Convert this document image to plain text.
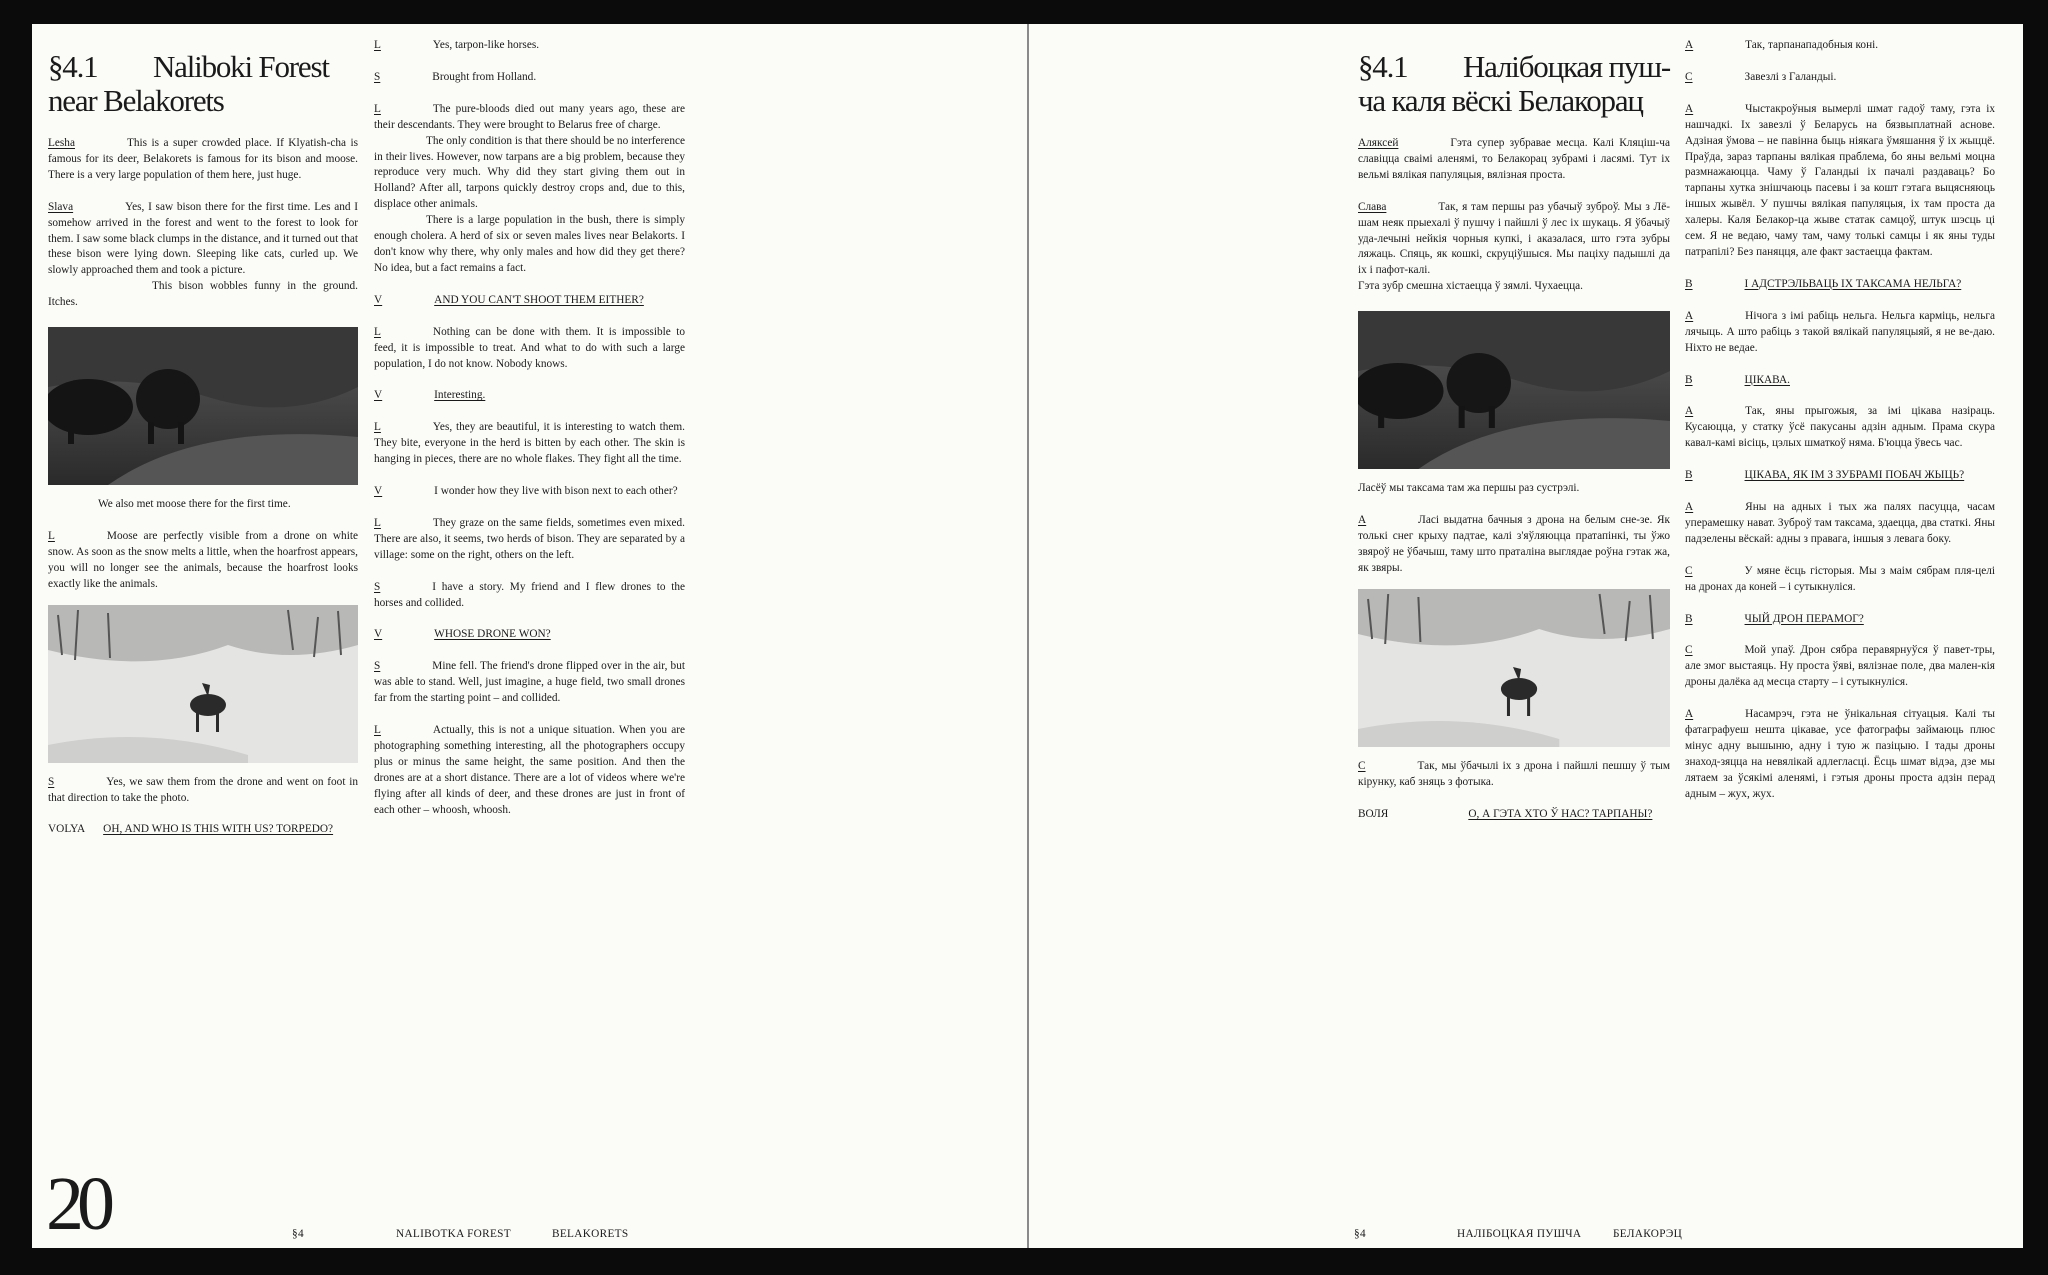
§4.1 Naliboki Forest near Belakorets
Lesha	This is a super crowded place. If Klyatish-cha is famous for its deer, Belakorets is famous for its bison and moose. There is a very large population of them here, just huge.
Slava	Yes, I saw bison there for the first time. Les and I somehow arrived in the forest and went to the forest to look for them. I saw some black clumps in the distance, and it turned out that these bison were lying down. Sleeping like cats, curled up. We slowly approached them and took a picture.
This bison wobbles funny in the ground. Itches.
We also met moose there for the first time.
L	Moose are perfectly visible from a drone on white snow. As soon as the snow melts a little, when the hoarfrost appears, you will no longer see the animals, because the hoarfrost looks exactly like the animals.
S	Yes, we saw them from the drone and went on foot in that direction to take the photo.
VOLYA OH, AND WHO IS THIS WITH US? TORPEDO?
L	Yes, tarpon-like horses.
S	Brought from Holland.
L	The pure-bloods died out many years ago, these are their descendants. They were brought to Belarus free of charge.
The only condition is that there should be no interference in their lives. However, now tarpans are a big problem, because they reproduce very much. Why did they start giving them out in Holland? After all, tarpons quickly destroy crops and, due to this, displace other animals.
There is a large population in the bush, there is simply enough cholera. A herd of six or seven males lives near Belakorts. I don't know why there, why only males and how did they get there? No idea, but a fact remains a fact.
V	AND YOU CAN'T SHOOT THEM EITHER?
L	Nothing can be done with them. It is impossible to feed, it is impossible to treat. And what to do with such a large population, I do not know. Nobody knows.
V	Interesting.
L	Yes, they are beautiful, it is interesting to watch them. They bite, everyone in the herd is bitten by each other. The skin is hanging in pieces, there are no whole flakes. They fight all the time.
V	I wonder how they live with bison next to each other?
L	They graze on the same fields, sometimes even mixed. There are also, it seems, two herds of bison. They are separated by a village: some on the right, others on the left.
S	I have a story. My friend and I flew drones to the horses and collided.
V	WHOSE DRONE WON?
S	Mine fell. The friend's drone flipped over in the air, but was able to stand. Well, just imagine, a huge field, two small drones far from the starting point – and collided.
L	Actually, this is not a unique situation. When you are photographing something interesting, all the photographers occupy plus or minus the same height, the same position. And then the drones are at a short distance. There are a lot of videos where we're flying after all kinds of deer, and these drones are just in front of each other – whoosh, whoosh.
20	§4	NALIBOTKA FOREST	BELAKORETS
§4.1 Налібоцкая пуш-ча каля вёскі Белакорац
Аляксей	Гэта супер зубравае месца. Калі Кляціш-ча славіцца сваімі аленямі, то Белакорац зубрамі і ласямі. Тут іх вельмі вялікая папуляцыя, вялізная проста.
Слава	Так, я там першы раз убачыў зуброў. Мы з Лё-шам неяк прыехалі ў пушчу і пайшлі ў лес іх шукаць. Я ўбачыў уда-лечыні нейкія чорныя купкі, і аказалася, што гэта зубры ляжаць. Спяць, як кошкі, скруціўшыся. Мы паціху падышлі да іх і пафот-калі.
Гэта зубр смешна хістаецца ў зямлі. Чухаецца.
Ласёў мы таксама там жа першы раз сустрэлі.
А	Ласі выдатна бачныя з дрона на белым сне-зе. Як толькі снег крыху падтае, калі з'яўляюцца пратапінкі, ты ўжо звяроў не ўбачыш, таму што праталіна выглядае роўна гэтак жа, як звяры.
С	Так, мы ўбачылі іх з дрона і пайшлі пешшу ў тым кірунку, каб зняць з фотыка.
ВОЛЯ	О, А ГЭТА ХТО Ў НАС? ТАРПАНЫ?
А	Так, тарпанападобныя коні.
С	Завезлі з Галандыі.
А	Чыстакроўныя вымерлі шмат гадоў таму, гэта іх нашчадкі. Іх завезлі ў Беларусь на бязвыплатнай аснове. Адзіная ўмова – не павінна быць ніякага ўмяшання ў іх жыццё. Праўда, зараз тарпаны вялікая праблема, бо яны вельмі моцна размнажаюцца. Чаму ў Галандыі іх пачалі раздаваць? Бо тарпаны хутка знішчаюць пасевы і за кошт гэтага выцясняюць іншых жывёл. У пушчы вялікая папуляцыя, іх там проста да халеры. Каля Белакор-ца жыве статак самцоў, штук шэсць ці сем. Я не ведаю, чаму там, чаму толькі самцы і як яны туды патрапілі? Без паняцця, але факт застаецца фактам.
В	І АДСТРЭЛЬВАЦЬ ІХ ТАКСАМА НЕЛЬГА?
А	Нічога з імі рабіць нельга. Нельга карміць, нельга лячыць. А што рабіць з такой вялікай папуляцыяй, я не ве-даю. Ніхто не ведае.
В	ЦІКАВА.
А	Так, яны прыгожыя, за імі цікава назіраць. Кусаюцца, у статку ўсё пакусаны адзін адным. Прама скура кавал-камі вісіць, цэлых шматкоў няма. Б'юцца ўвесь час.
В	ЦІКАВА, ЯК ІМ З ЗУБРАМІ ПОБАЧ ЖЫЦЬ?
А	Яны на адных і тых жа палях пасуцца, часам уперамешку нават. Зуброў там таксама, здаецца, два статкі. Яны падзелены вёскай: адны з правага, іншыя з левага боку.
С	У мяне ёсць гісторыя. Мы з маім сябрам пля-целі на дронах да коней – і сутыкнуліся.
В	ЧЫЙ ДРОН ПЕРАМОГ?
С	Мой упаў. Дрон сябра перавярнуўся ў павет-тры, але змог выстаяць. Ну проста ўяві, вялізнае поле, два мален-кія дроны далёка ад месца старту – і сутыкнуліся.
А	Насамрэч, гэта не ўнікальная сітуацыя. Калі ты фатаграфуеш нешта цікавае, усе фатографы займаюць плюс мінус адну вышыню, адну і тую ж пазіцыю. І тады дроны знаход-зяцца на невялікай адлегласці. Ёсць шмат відэа, дзе мы лятаем за ўсякімі аленямі, і гэтыя дроны проста адзін перад адным – жух, жух.
§4	НАЛІБОЦКАЯ ПУШЧА	БЕЛАКОРЭЦ
